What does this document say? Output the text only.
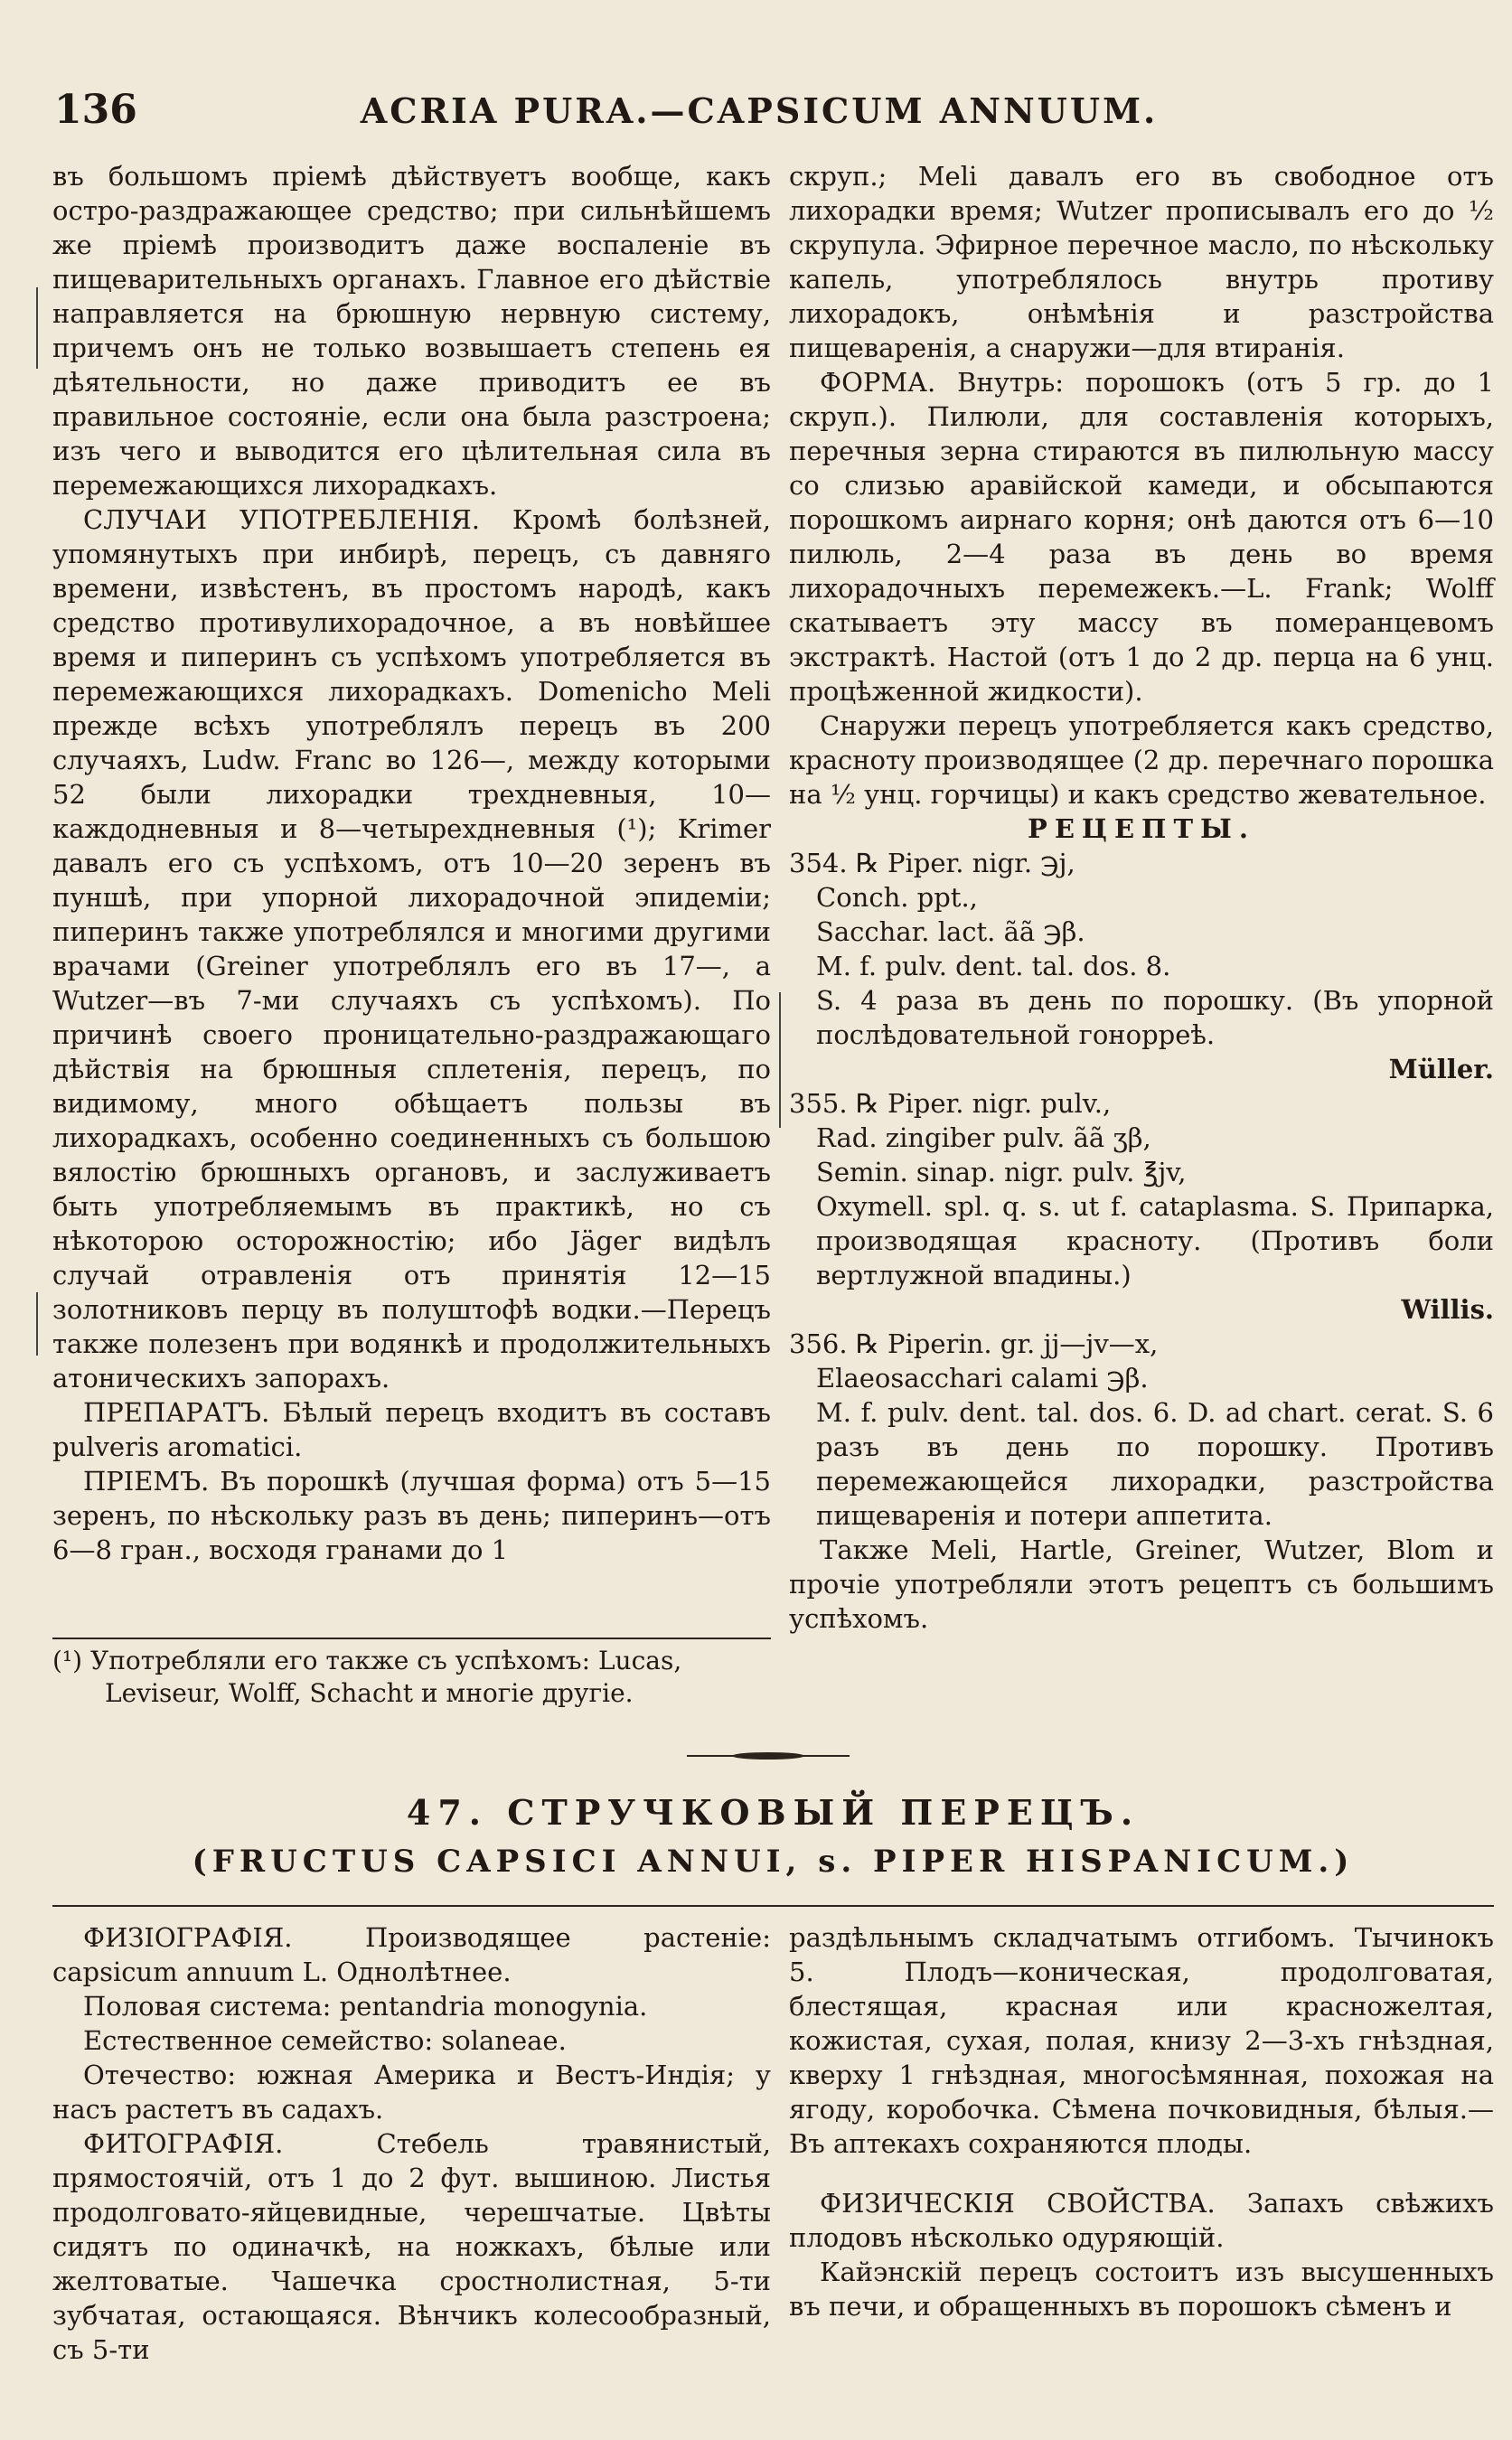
136	ACRIA PURA.—CAPSICUM ANNUUM.

въ большомъ пріемѣ дѣйствуетъ вообще, какъ остро-раздражающее средство; при сильнѣйшемъ же пріемѣ производитъ даже воспаленіе въ пищеварительныхъ органахъ. Главное его дѣйствіе направляется на брюшную нервную систему, причемъ онъ не только возвышаетъ степень ея дѣятельности, но даже приводитъ ее въ правильное состояніе, если она была разстроена; изъ чего и выводится его цѣлительная сила въ перемежающихся лихорадкахъ.

СЛУЧАИ УПОТРЕБЛЕНІЯ. Кромѣ болѣзней, упомянутыхъ при инбирѣ, перецъ, съ давняго времени, извѣстенъ, въ простомъ народѣ, какъ средство противулихорадочное, а въ новѣйшее время и пиперинъ съ успѣхомъ употребляется въ перемежающихся лихорадкахъ. Domenicho Meli прежде всѣхъ употреблялъ перецъ въ 200 случаяхъ, Ludw. Franc во 126—, между которыми 52 были лихорадки трехдневныя, 10—каждодневныя и 8—четырехдневныя (¹); Krimer давалъ его съ успѣхомъ, отъ 10—20 зеренъ въ пуншѣ, при упорной лихорадочной эпидеміи; пиперинъ также употреблялся и многими другими врачами (Greiner употреблялъ его въ 17—, а Wutzer—въ 7-ми случаяхъ съ успѣхомъ). По причинѣ своего проницательно-раздражающаго дѣйствія на брюшныя сплетенія, перецъ, по видимому, много обѣщаетъ пользы въ лихорадкахъ, особенно соединенныхъ съ большою вялостію брюшныхъ органовъ, и заслуживаетъ быть употребляемымъ въ практикѣ, но съ нѣкоторою осторожностію; ибо Jäger видѣлъ случай отравленія отъ принятія 12—15 золотниковъ перцу въ полуштофѣ водки.—Перецъ также полезенъ при водянкѣ и продолжительныхъ атоническихъ запорахъ.

ПРЕПАРАТЪ. Бѣлый перецъ входитъ въ составъ pulveris aromatici.

ПРІЕМЪ. Въ порошкѣ (лучшая форма) отъ 5—15 зеренъ, по нѣскольку разъ въ день; пиперинъ—отъ 6—8 гран., восходя гранами до 1

(¹) Употребляли его также съ успѣхомъ: Lucas, Leviseur, Wolff, Schacht и многіе другіе.

скруп.; Meli давалъ его въ свободное отъ лихорадки время; Wutzer прописывалъ его до ½ скрупула. Эфирное перечное масло, по нѣскольку капель, употреблялось внутрь противу лихорадокъ, онѣмѣнія и разстройства пищеваренія, а снаружи—для втиранія.

ФОРМА. Внутрь: порошокъ (отъ 5 гр. до 1 скруп.). Пилюли, для составленія которыхъ, перечныя зерна стираются въ пилюльную массу со слизью аравійской камеди, и обсыпаются порошкомъ аирнаго корня; онѣ даются отъ 6—10 пилюль, 2—4 раза въ день во время лихорадочныхъ перемежекъ.—L. Frank; Wolff скатываетъ эту массу въ померанцевомъ экстрактѣ. Настой (отъ 1 до 2 др. перца на 6 унц. процѣженной жидкости).

Снаружи перецъ употребляется какъ средство, красноту производящее (2 др. перечнаго порошка на ½ унц. горчицы) и какъ средство жевательное.

РЕЦЕПТЫ.

354. ℞ Piper. nigr. ℈j,

Conch. ppt.,

Sacchar. lact. ãã ℈β.

M. f. pulv. dent. tal. dos. 8.

S. 4 раза въ день по порошку. (Въ упорной послѣдовательной гоноррeѣ.

Müller.

355. ℞ Piper. nigr. pulv.,

Rad. zingiber pulv. ãã ʒβ,

Semin. sinap. nigr. pulv. ℥jv,

Oxymell. spl. q. s. ut f. cataplasma. S. Припарка, производящая красноту. (Противъ боли вертлужной впадины.)

Willis.

356. ℞ Piperin. gr. jj—jv—x,

Elaeosacchari calami ℈β.

M. f. pulv. dent. tal. dos. 6. D. ad chart. cerat. S. 6 разъ въ день по порошку. Противъ перемежающейся лихорадки, разстройства пищеваренія и потери аппетита.

Также Meli, Hartle, Greiner, Wutzer, Blom и прочіе употребляли этотъ рецептъ съ большимъ успѣхомъ.

47. СТРУЧКОВЫЙ ПЕРЕЦЪ.

(FRUCTUS CAPSICI ANNUI, s. PIPER HISPANICUM.)

ФИЗІОГРАФІЯ. Производящее растеніе: capsicum annuum L. Однолѣтнее.

Половая система: pentandria monogynia.

Естественное семейство: solaneae.

Отечество: южная Америка и Вестъ-Индія; у насъ растетъ въ садахъ.

ФИТОГРАФІЯ. Стебель травянистый, прямостоячій, отъ 1 до 2 фут. вышиною. Листья продолговато-яйцевидные, черешчатые. Цвѣты сидятъ по одиначкѣ, на ножкахъ, бѣлые или желтоватые. Чашечка сростнолистная, 5-ти зубчатая, остающаяся. Вѣнчикъ колесообразный, съ 5-ти

раздѣльнымъ складчатымъ отгибомъ. Тычинокъ 5. Плодъ—коническая, продолговатая, блестящая, красная или красножелтая, кожистая, сухая, полая, книзу 2—3-хъ гнѣздная, кверху 1 гнѣздная, многосѣмянная, похожая на ягоду, коробочка. Сѣмена почковидныя, бѣлыя.—Въ аптекахъ сохраняются плоды.

ФИЗИЧЕСКІЯ СВОЙСТВА. Запахъ свѣжихъ плодовъ нѣсколько одуряющій.

Кайэнскій перецъ состоитъ изъ высушенныхъ въ печи, и обращенныхъ въ порошокъ сѣменъ и
